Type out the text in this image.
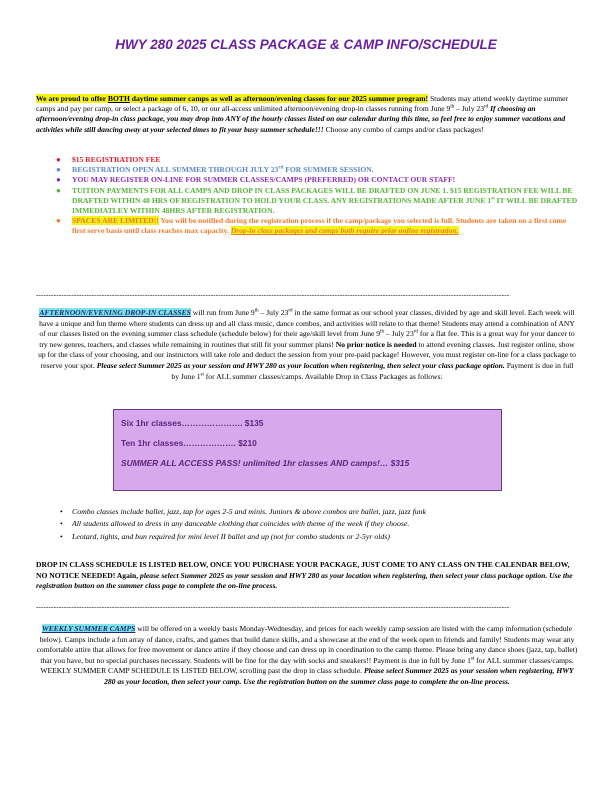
HWY 280 2025 CLASS PACKAGE & CAMP INFO/SCHEDULE
We are proud to offer BOTH daytime summer camps as well as afternoon/evening classes for our 2025 summer program! Students may attend weekly daytime summer camps and pay per camp, or select a package of 6, 10, or our all-access unlimited afternoon/evening drop-in classes running from June 9th – July 23rd If choosing an afternoon/evening drop-in class package, you may drop into ANY of the hourly classes listed on our calendar during this time, so feel free to enjoy summer vacations and activities while still dancing away at your selected times to fit your busy summer schedule!!! Choose any combo of camps and/or class packages!
● $15 REGISTRATION FEE
● REGISTRATION OPEN ALL SUMMER THROUGH JULY 23rd FOR SUMMER SESSION.
● YOU MAY REGISTER ON-LINE FOR SUMMER CLASSES/CAMPS (PREFERRED) OR CONTACT OUR STAFF!
● TUITION PAYMENTS FOR ALL CAMPS AND DROP IN CLASS PACKAGES WILL BE DRAFTED ON JUNE 1. $15 REGISTRATION FEE WILL BE DRAFTED WITHIN 48 HRS OF REGISTRATION TO HOLD YOUR CLASS. ANY REGISTRATIONS MADE AFTER JUNE 1st IT WILL BE DRAFTED IMMEDIATLEY WITHIN 48HRS AFTER REGISTRATION.
● SPACES ARE LIMITED!! You will be notified during the registration process if the camp/package you selected is full. Students are taken on a first come first serve basis until class reaches max capacity. Drop-in class packages and camps both require prior online registration.
-------------------------------------------------------------------------------------------------------------------------------------------------------------------------------------------
AFTERNOON/EVENING DROP-IN CLASSES will run from June 9th – July 23rd in the same format as our school year classes, divided by age and skill level. Each week will have a unique and fun theme where students can dress up and all class music, dance combos, and activities will relate to that theme! Students may attend a combination of ANY of our classes listed on the evening summer class schedule (schedule below) for their age/skill level from June 9th – July 23rd for a flat fee. This is a great way for your dancer to try new genres, teachers, and classes while remaining in routines that still fit your summer plans! No prior notice is needed to attend evening classes. Just register online, show up for the class of your choosing, and our instructors will take role and deduct the session from your pre-paid package! However, you must register on-line for a class package to reserve your spot. Please select Summer 2025 as your session and HWY 280 as your location when registering, then select your class package option. Payment is due in full by June 1st for ALL summer classes/camps. Available Drop in Class Packages as follows:
Six 1hr classes…………………. $135
Ten 1hr classes………………. $210
SUMMER ALL ACCESS PASS! unlimited 1hr classes AND camps!… $315
• Combo classes include ballet, jazz, tap for ages 2-5 and minis. Juniors & above combos are ballet, jazz, jazz funk
• All students allowed to dress in any danceable clothing that coincides with theme of the week if they choose.
• Leotard, tights, and bun required for mini level II ballet and up (not for combo students or 2-5yr olds)
DROP IN CLASS SCHEDULE IS LISTED BELOW, ONCE YOU PURCHASE YOUR PACKAGE, JUST COME TO ANY CLASS ON THE CALENDAR BELOW, NO NOTICE NEEDED! Again, please select Summer 2025 as your session and HWY 280 as your location when registering, then select your class package option. Use the registration button on the summer class page to complete the on-line process.
-------------------------------------------------------------------------------------------------------------------------------------------------------------------------------------------
WEEKLY SUMMER CAMPS will be offered on a weekly basis Monday-Wednesday, and prices for each weekly camp session are listed with the camp information (schedule below). Camps include a fun array of dance, crafts, and games that build dance skills, and a showcase at the end of the week open to friends and family! Students may wear any comfortable attire that allows for free movement or dance attire if they choose and can dress up in coordination to the camp theme. Please bring any dance shoes (jazz, tap, ballet) that you have, but no special purchases necessary. Students will be fine for the day with socks and sneakers!! Payment is due in full by June 1st for ALL summer classes/camps. WEEKLY SUMMER CAMP SCHEDULE IS LISTED BELOW, scrolling past the drop in class schedule. Please select Summer 2025 as your session when registering, HWY 280 as your location, then select your camp. Use the registration button on the summer class page to complete the on-line process.
